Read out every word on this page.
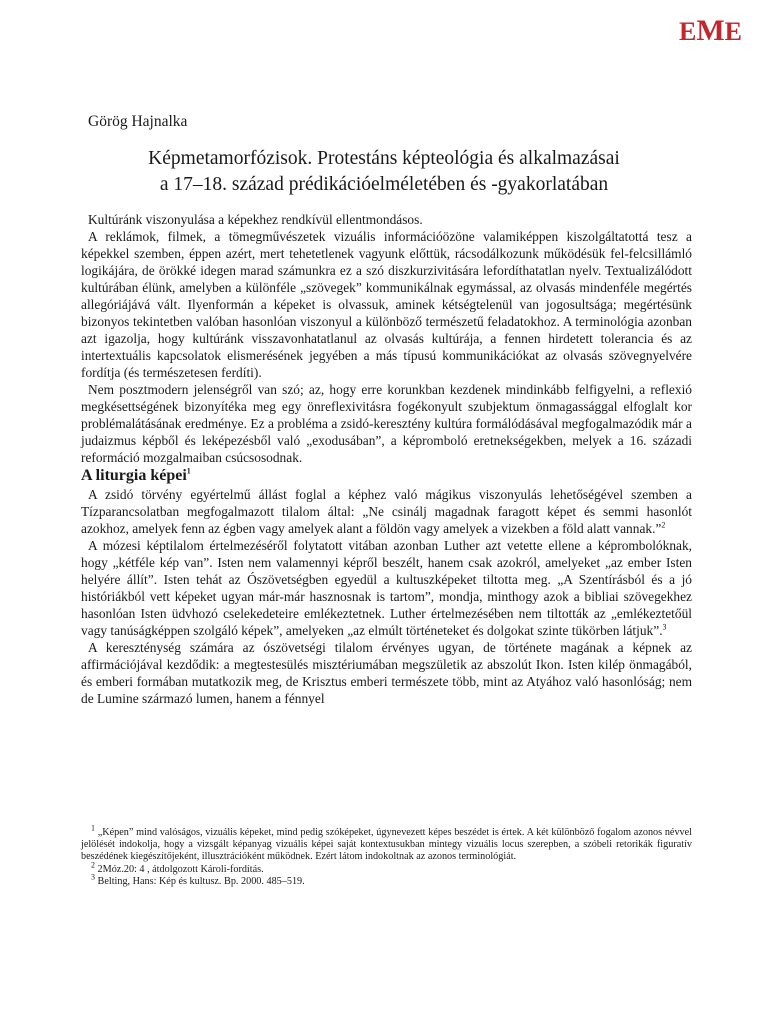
EME
Görög Hajnalka
Képmetamorfózisok. Protestáns képteológia és alkalmazásai
a 17–18. század prédikációelméletében és -gyakorlatában

Kultúránk viszonyulása a képekhez rendkívül ellentmondásos.

A reklámok, filmek, a tömegművészetek vizuális információözöne valamiképpen kiszolgáltatottá tesz a képekkel szemben, éppen azért, mert tehetetlenek vagyunk előttük, rácsodálkozunk működésük fel-felcsillámló logikájára, de örökké idegen marad számunkra ez a szó diszkurzivitására lefordíthatatlan nyelv. Textualizálódott kultúrában élünk, amelyben a különféle „szövegek” kommunikálnak egymással, az olvasás mindenféle megértés allegóriájává vált. Ilyenformán a képeket is olvassuk, aminek kétségtelenül van jogosultsága; megértésünk bizonyos tekintetben valóban hasonlóan viszonyul a különböző természetű feladatokhoz. A terminológia azonban azt igazolja, hogy kultúránk visszavonhatatlanul az olvasás kultúrája, a fennen hirdetett tolerancia és az intertextuális kapcsolatok elismerésének jegyében a más típusú kommunikációkat az olvasás szövegnyelvére fordítja (és természetesen ferdíti).

Nem posztmodern jelenségről van szó; az, hogy erre korunkban kezdenek mindinkább felfigyelni, a reflexió megkésettségének bizonyítéka meg egy önreflexivitásra fogékonyult szubjektum önmagassággal elfoglalt kor problémalátásának eredménye. Ez a probléma a zsidó-keresztény kultúra formálódásával megfogalmazódik már a judaizmus képből és leképezésből való „exodusában”, a képromboló eretnekségekben, melyek a 16. századi reformáció mozgalmaiban csúcsosodnak.

A liturgia képei$^1$

A zsidó törvény egyértelmű állást foglal a képhez való mágikus viszonyulás lehetőségével szemben a Tízparancsolatban megfogalmazott tilalom által: „Ne csinálj magadnak faragott képet és semmi hasonlót azokhoz, amelyek fenn az égben vagy amelyek alant a földön vagy amelyek a vizekben a föld alatt vannak.”$^2$

A mózesi képtilalom értelmezéséről folytatott vitában azonban Luther azt vetette ellene a képrombolóknak, hogy „kétféle kép van”. Isten nem valamennyi képről beszélt, hanem csak azokról, amelyeket „az ember Isten helyére állít”. Isten tehát az Ószövetségben egyedül a kultuszképeket tiltotta meg. „A Szentírásból és a jó históriákból vett képeket ugyan már-már hasznosnak is tartom”, mondja, minthogy azok a bibliai szövegekhez hasonlóan Isten üdvhozó cselekedeteire emlékeztetnek. Luther értelmezésében nem tiltották az „emlékeztetőül vagy tanúságképpen szolgáló képek”, amelyeken „az elmúlt történeteket és dolgokat szinte tükörben látjuk”.$^3$

A kereszténység számára az ószövetségi tilalom érvényes ugyan, de története magának a képnek az affirmációjával kezdődik: a megtestesülés misztériumában megszületik az abszolút Ikon. Isten kilép önmagából, és emberi formában mutatkozik meg, de Krisztus emberi természete több, mint az Atyához való hasonlóság; nem de Lumine származó lumen, hanem a fénnyel

$^1$ „Képen” mind valóságos, vizuális képeket, mind pedig szóképeket, úgynevezett képes beszédet is értek. A két különböző fogalom azonos névvel jelölését indokolja, hogy a vizsgált képanyag vizuális képei saját kontextusukban mintegy vizuális locus szerepben, a szóbeli retorikák figuratív beszédének kiegészítőjeként, illusztrációként működnek. Ezért látom indokoltnak az azonos terminológiát.

$^2$ 2Móz.20: 4 , átdolgozott Károli-fordítás.

$^3$ Belting, Hans: Kép és kultusz. Bp. 2000. 485–519.
